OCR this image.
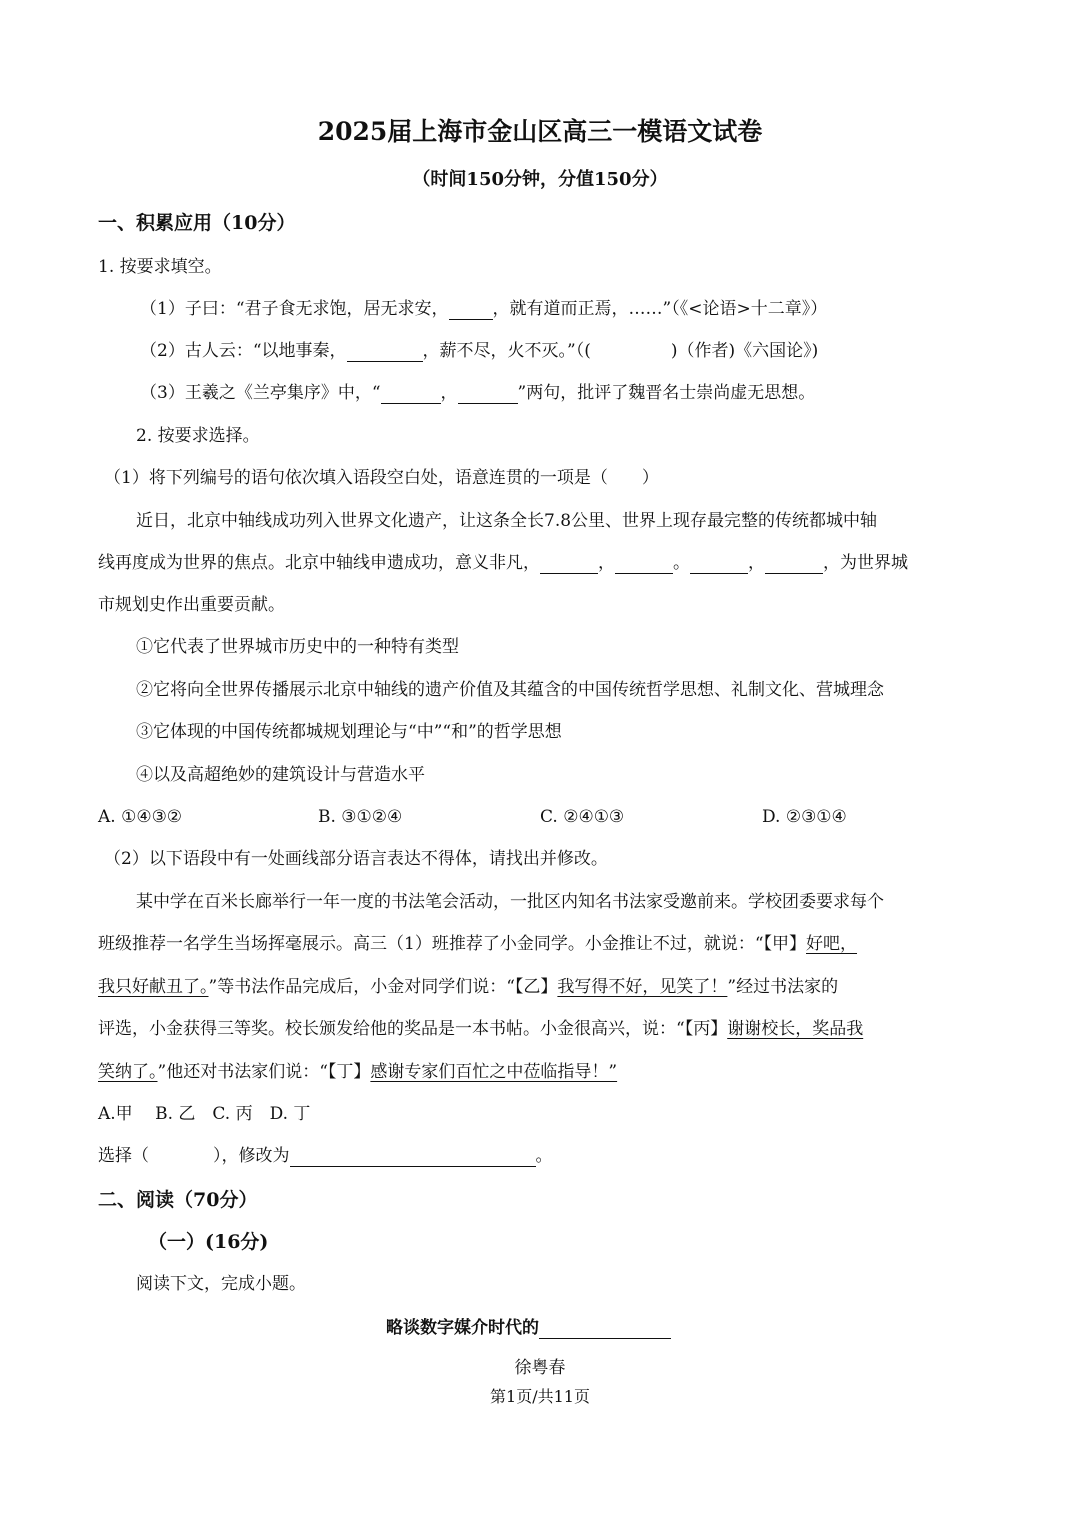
2025届上海市金山区高三一模语文试卷
（时间150分钟，分值150分）
一、积累应用（10分）
1. 按要求填空。
（1）子曰：“君子食无求饱，居无求安，	，就有道而正焉，……”（《<论语>十二章》）
（2）古人云：“以地事秦，	，薪不尽，火不灭。”（(	)（作者)《六国论》)
（3）王羲之《兰亭集序》中，“	，	”两句，批评了魏晋名士崇尚虚无思想。
2. 按要求选择。
（1）将下列编号的语句依次填入语段空白处，语意连贯的一项是（　　）
近日，北京中轴线成功列入世界文化遗产，让这条全长7.8公里、世界上现存最完整的传统都城中轴
线再度成为世界的焦点。北京中轴线申遗成功，意义非凡，	，	。	，	，为世界城
市规划史作出重要贡献。
①它代表了世界城市历史中的一种特有类型
②它将向全世界传播展示北京中轴线的遗产价值及其蕴含的中国传统哲学思想、礼制文化、营城理念
③它体现的中国传统都城规划理论与“中”“和”的哲学思想
④以及高超绝妙的建筑设计与营造水平
A. ①④③②	B. ③①②④	C. ②④①③	D. ②③①④
（2）以下语段中有一处画线部分语言表达不得体，请找出并修改。
某中学在百米长廊举行一年一度的书法笔会活动，一批区内知名书法家受邀前来。学校团委要求每个
班级推荐一名学生当场挥毫展示。高三（1）班推荐了小金同学。小金推让不过，就说：“【甲】好吧，
我只好献丑了。”等书法作品完成后，小金对同学们说：“【乙】我写得不好，见笑了！”经过书法家的
评选，小金获得三等奖。校长颁发给他的奖品是一本书帖。小金很高兴，说：“【丙】谢谢校长，奖品我
笑纳了。”他还对书法家们说：“【丁】感谢专家们百忙之中莅临指导！”
A.甲　 B. 乙　C. 丙　D. 丁
选择（	），修改为	。
二、阅读（70分）
（一）(16分)
阅读下文，完成小题。
略谈数字媒介时代的
徐粤春
第1页/共11页
